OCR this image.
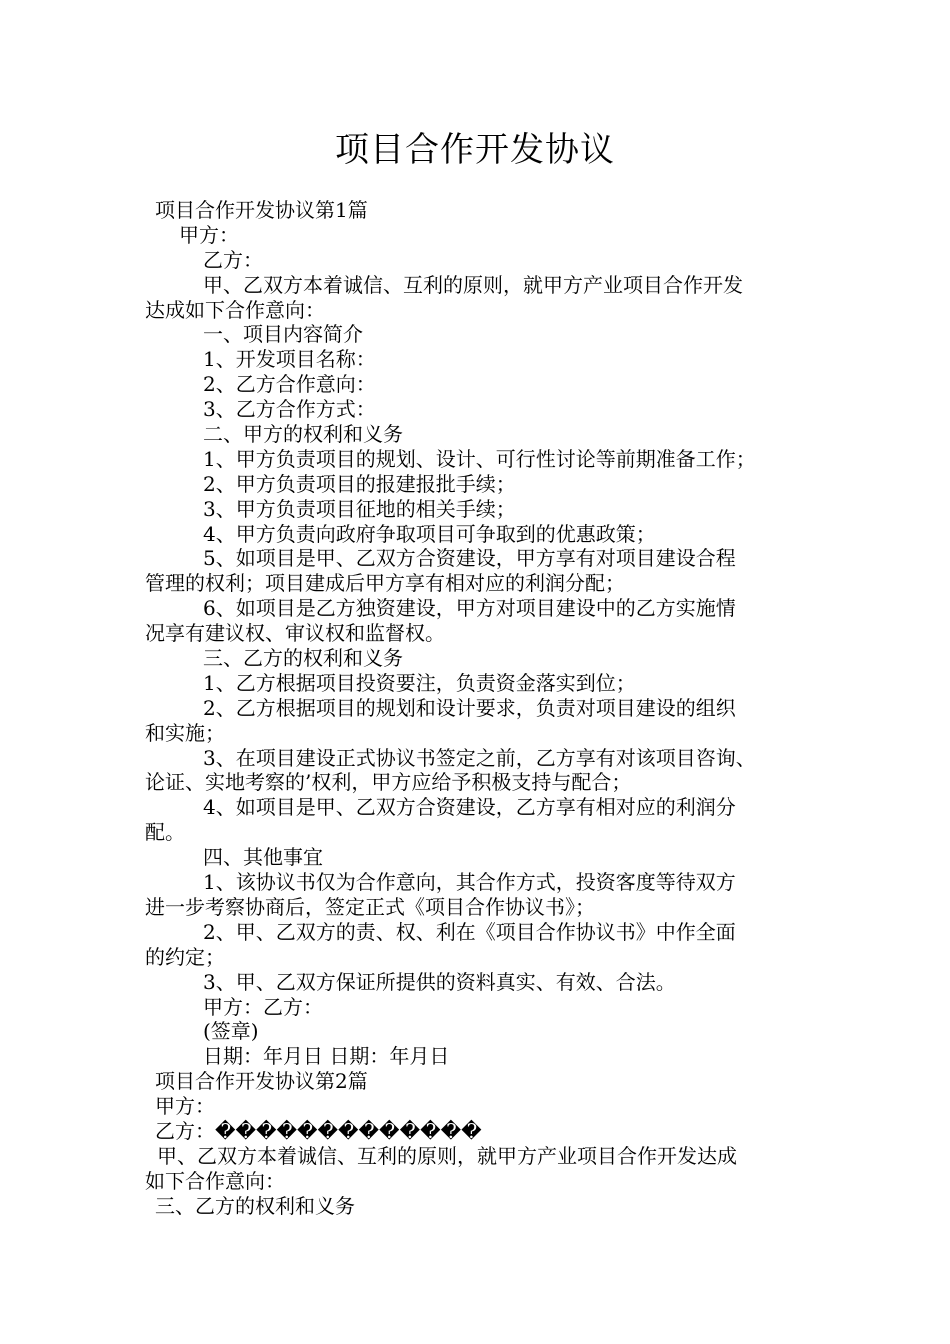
项目合作开发协议
项目合作开发协议第1篇
甲方：
乙方：
甲、乙双方本着诚信、互利的原则，就甲方产业项目合作开发
达成如下合作意向：
一、项目内容简介
1、开发项目名称：
2、乙方合作意向：
3、乙方合作方式：
二、甲方的权利和义务
1、甲方负责项目的规划、设计、可行性讨论等前期准备工作；
2、甲方负责项目的报建报批手续；
3、甲方负责项目征地的相关手续；
4、甲方负责向政府争取项目可争取到的优惠政策；
5、如项目是甲、乙双方合资建设，甲方享有对项目建设合程
管理的权利；项目建成后甲方享有相对应的利润分配；
6、如项目是乙方独资建设，甲方对项目建设中的乙方实施情
况享有建议权、审议权和监督权。
三、乙方的权利和义务
1、乙方根据项目投资要注，负责资金落实到位；
2、乙方根据项目的规划和设计要求，负责对项目建设的组织
和实施；
3、在项目建设正式协议书签定之前，乙方享有对该项目咨询、
论证、实地考察的’权利，甲方应给予积极支持与配合；
4、如项目是甲、乙双方合资建设，乙方享有相对应的利润分
配。
四、其他事宜
1、该协议书仅为合作意向，其合作方式，投资客度等待双方
进一步考察协商后，签定正式《项目合作协议书》；
2、甲、乙双方的责、权、利在《项目合作协议书》中作全面
的约定；
3、甲、乙双方保证所提供的资料真实、有效、合法。
甲方：乙方：
(签章)
日期：年月日 日期：年月日
项目合作开发协议第2篇
甲方：
乙方：�������������
甲、乙双方本着诚信、互利的原则，就甲方产业项目合作开发达成
如下合作意向：
三、乙方的权利和义务
